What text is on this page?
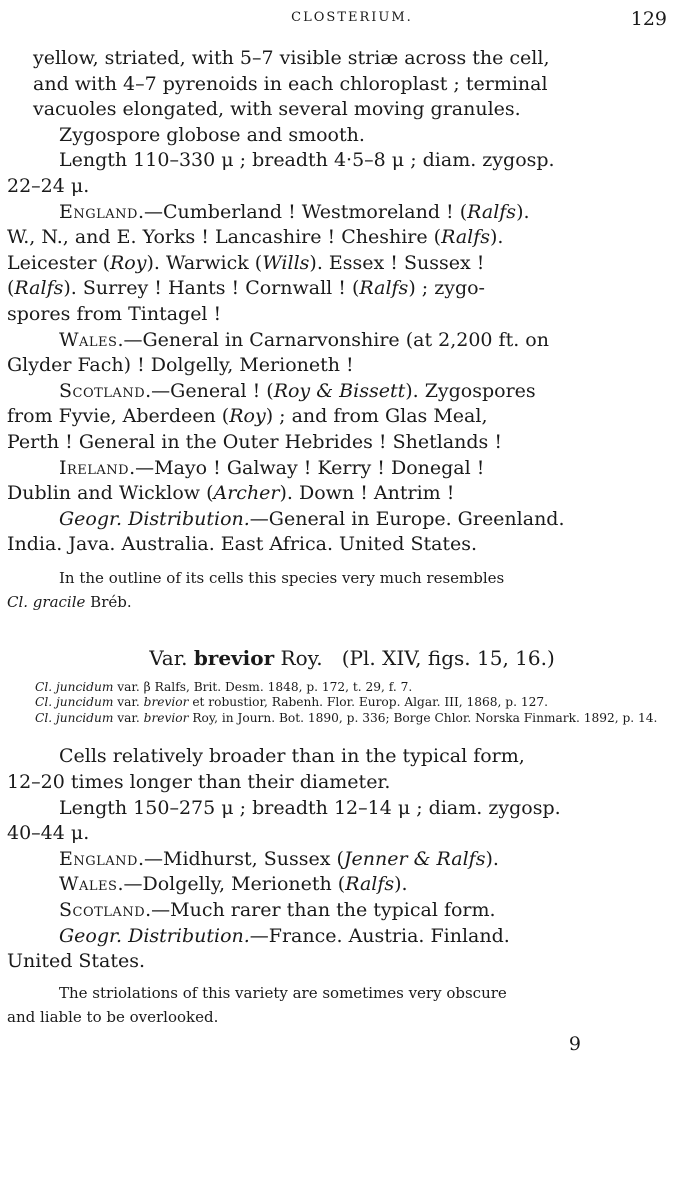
CLOSTERIUM.	129

yellow, striated, with 5–7 visible striæ across the cell,
and with 4–7 pyrenoids in each chloroplast ; terminal
vacuoles elongated, with several moving granules.

Zygospore globose and smooth.

Length 110–330 μ ; breadth 4·5–8 μ ; diam. zygosp.
22–24 μ.

England.—Cumberland ! Westmoreland ! (Ralfs).
W., N., and E. Yorks ! Lancashire ! Cheshire (Ralfs).
Leicester (Roy). Warwick (Wills). Essex ! Sussex !
(Ralfs). Surrey ! Hants ! Cornwall ! (Ralfs) ; zygo-
spores from Tintagel !

Wales.—General in Carnarvonshire (at 2,200 ft. on
Glyder Fach) ! Dolgelly, Merioneth !

Scotland.—General ! (Roy & Bissett). Zygospores
from Fyvie, Aberdeen (Roy) ; and from Glas Meal,
Perth ! General in the Outer Hebrides ! Shetlands !

Ireland.—Mayo ! Galway ! Kerry ! Donegal !
Dublin and Wicklow (Archer). Down ! Antrim !

Geogr. Distribution.—General in Europe. Greenland.
India. Java. Australia. East Africa. United States.

In the outline of its cells this species very much resembles
Cl. gracile Bréb.

Var. brevior Roy. (Pl. XIV, figs. 15, 16.)

Cl. juncidum var. β Ralfs, Brit. Desm. 1848, p. 172, t. 29, f. 7.

Cl. juncidum var. brevior et robustior, Rabenh. Flor. Europ. Algar. III, 1868, p. 127.

Cl. juncidum var. brevior Roy, in Journ. Bot. 1890, p. 336; Borge Chlor. Norska Finmark. 1892, p. 14.

Cells relatively broader than in the typical form,
12–20 times longer than their diameter.

Length 150–275 μ ; breadth 12–14 μ ; diam. zygosp.
40–44 μ.

England.—Midhurst, Sussex (Jenner & Ralfs).

Wales.—Dolgelly, Merioneth (Ralfs).

Scotland.—Much rarer than the typical form.

Geogr. Distribution.—France. Austria. Finland.
United States.

The striolations of this variety are sometimes very obscure
and liable to be overlooked.

9
